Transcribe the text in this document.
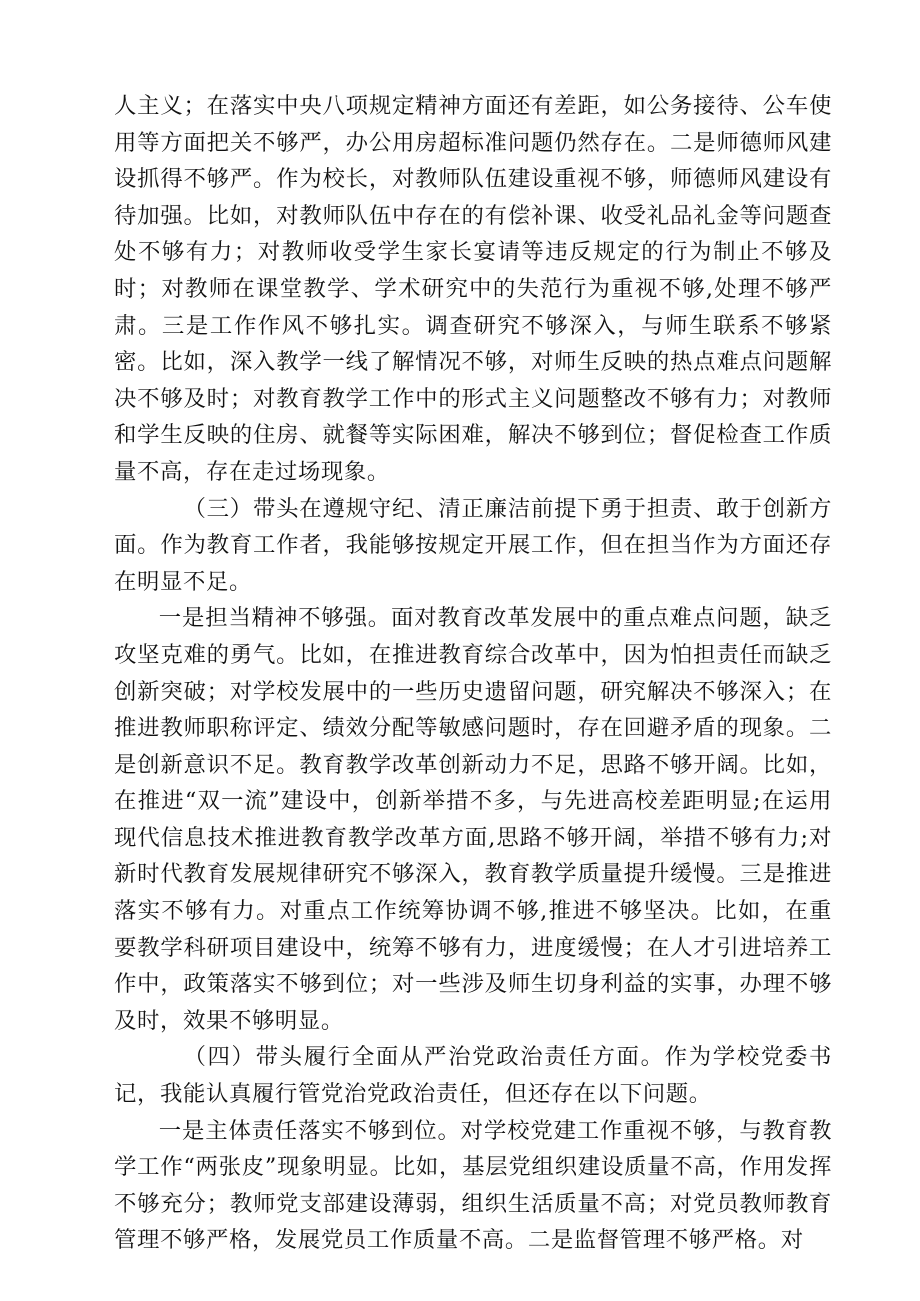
人主义；在落实中央八项规定精神方面还有差距，如公务接待、公车使用等方面把关不够严，办公用房超标准问题仍然存在。二是师德师风建设抓得不够严。作为校长，对教师队伍建设重视不够，师德师风建设有待加强。比如，对教师队伍中存在的有偿补课、收受礼品礼金等问题查处不够有力；对教师收受学生家长宴请等违反规定的行为制止不够及时；对教师在课堂教学、学术研究中的失范行为重视不够,处理不够严肃。三是工作作风不够扎实。调查研究不够深入，与师生联系不够紧密。比如，深入教学一线了解情况不够，对师生反映的热点难点问题解决不够及时；对教育教学工作中的形式主义问题整改不够有力；对教师和学生反映的住房、就餐等实际困难，解决不够到位；督促检查工作质量不高，存在走过场现象。

（三）带头在遵规守纪、清正廉洁前提下勇于担责、敢于创新方面。作为教育工作者，我能够按规定开展工作，但在担当作为方面还存在明显不足。

一是担当精神不够强。面对教育改革发展中的重点难点问题，缺乏攻坚克难的勇气。比如，在推进教育综合改革中，因为怕担责任而缺乏创新突破；对学校发展中的一些历史遗留问题，研究解决不够深入；在推进教师职称评定、绩效分配等敏感问题时，存在回避矛盾的现象。二是创新意识不足。教育教学改革创新动力不足，思路不够开阔。比如，在推进“双一流”建设中，创新举措不多，与先进高校差距明显;在运用现代信息技术推进教育教学改革方面,思路不够开阔，举措不够有力;对新时代教育发展规律研究不够深入，教育教学质量提升缓慢。三是推进落实不够有力。对重点工作统筹协调不够,推进不够坚决。比如，在重要教学科研项目建设中，统筹不够有力，进度缓慢；在人才引进培养工作中，政策落实不够到位；对一些涉及师生切身利益的实事，办理不够及时，效果不够明显。

（四）带头履行全面从严治党政治责任方面。作为学校党委书记，我能认真履行管党治党政治责任，但还存在以下问题。

一是主体责任落实不够到位。对学校党建工作重视不够，与教育教学工作“两张皮”现象明显。比如，基层党组织建设质量不高，作用发挥不够充分；教师党支部建设薄弱，组织生活质量不高；对党员教师教育管理不够严格，发展党员工作质量不高。二是监督管理不够严格。对
